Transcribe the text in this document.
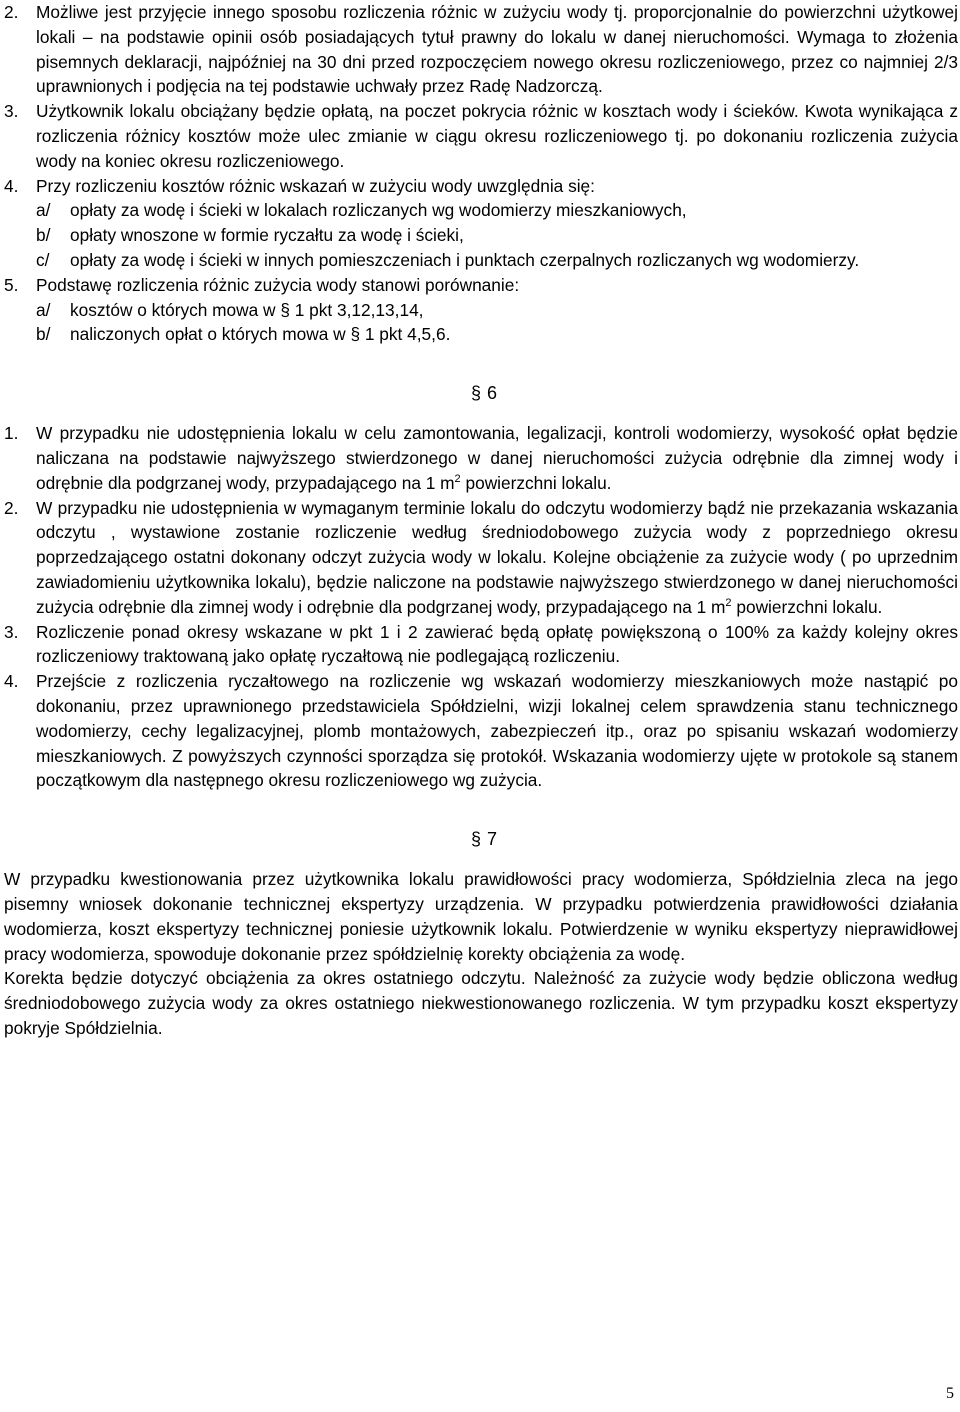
2.	Możliwe jest przyjęcie innego sposobu rozliczenia różnic w zużyciu wody tj. proporcjonalnie do powierzchni użytkowej lokali – na podstawie opinii osób posiadających tytuł prawny do lokalu w danej nieruchomości. Wymaga to złożenia pisemnych deklaracji, najpóźniej na 30 dni przed rozpoczęciem nowego okresu rozliczeniowego, przez co najmniej 2/3 uprawnionych i podjęcia na tej podstawie uchwały przez Radę Nadzorczą.
3.	Użytkownik lokalu obciążany będzie opłatą, na poczet pokrycia różnic w kosztach wody i ścieków. Kwota wynikająca z rozliczenia różnicy kosztów może ulec zmianie w ciągu okresu rozliczeniowego tj. po dokonaniu rozliczenia zużycia wody na koniec okresu rozliczeniowego.
4.	Przy rozliczeniu kosztów różnic wskazań w zużyciu wody uwzględnia się:
a/	opłaty za wodę i ścieki w lokalach rozliczanych wg wodomierzy mieszkaniowych,
b/	opłaty wnoszone w formie ryczałtu za wodę i ścieki,
c/	opłaty za wodę i ścieki w innych pomieszczeniach i punktach czerpalnych rozliczanych wg wodomierzy.
5.	Podstawę rozliczenia różnic zużycia wody stanowi porównanie:
a/	kosztów o których mowa w § 1 pkt 3,12,13,14,
b/	naliczonych opłat o których mowa w § 1 pkt 4,5,6.
§ 6
1.	W przypadku nie udostępnienia lokalu w celu zamontowania, legalizacji, kontroli wodomierzy, wysokość opłat będzie naliczana na podstawie najwyższego stwierdzonego w danej nieruchomości zużycia odrębnie dla zimnej wody i odrębnie dla podgrzanej wody, przypadającego na 1 $m^2$ powierzchni lokalu.
2.	W przypadku nie udostępnienia w wymaganym terminie lokalu do odczytu wodomierzy bądź nie przekazania wskazania odczytu , wystawione zostanie rozliczenie według średniodobowego zużycia wody z poprzedniego okresu poprzedzającego ostatni dokonany odczyt zużycia wody w lokalu. Kolejne obciążenie za zużycie wody ( po uprzednim zawiadomieniu użytkownika lokalu), będzie naliczone na podstawie najwyższego stwierdzonego w danej nieruchomości zużycia odrębnie dla zimnej wody i odrębnie dla podgrzanej wody, przypadającego na 1 $m^2$ powierzchni lokalu.
3.	Rozliczenie ponad okresy wskazane w pkt 1 i 2 zawierać będą opłatę powiększoną o 100% za każdy kolejny okres rozliczeniowy traktowaną jako opłatę ryczałtową nie podlegającą rozliczeniu.
4.	Przejście z rozliczenia ryczałtowego na rozliczenie wg wskazań wodomierzy mieszkaniowych może nastąpić po dokonaniu, przez uprawnionego przedstawiciela Spółdzielni, wizji lokalnej celem sprawdzenia stanu technicznego wodomierzy, cechy legalizacyjnej, plomb montażowych, zabezpieczeń itp., oraz po spisaniu wskazań wodomierzy mieszkaniowych. Z powyższych czynności sporządza się protokół. Wskazania wodomierzy ujęte w protokole są stanem początkowym dla następnego okresu rozliczeniowego wg zużycia.
§ 7
W przypadku kwestionowania przez użytkownika lokalu prawidłowości pracy wodomierza, Spółdzielnia zleca na jego pisemny wniosek dokonanie technicznej ekspertyzy urządzenia. W przypadku potwierdzenia prawidłowości działania wodomierza, koszt ekspertyzy technicznej poniesie użytkownik lokalu. Potwierdzenie w wyniku ekspertyzy nieprawidłowej pracy wodomierza, spowoduje dokonanie przez spółdzielnię korekty obciążenia za wodę.
Korekta będzie dotyczyć obciążenia za okres ostatniego odczytu. Należność za zużycie wody będzie obliczona według średniodobowego zużycia wody za okres ostatniego niekwestionowanego rozliczenia. W tym przypadku koszt ekspertyzy pokryje Spółdzielnia.
5
